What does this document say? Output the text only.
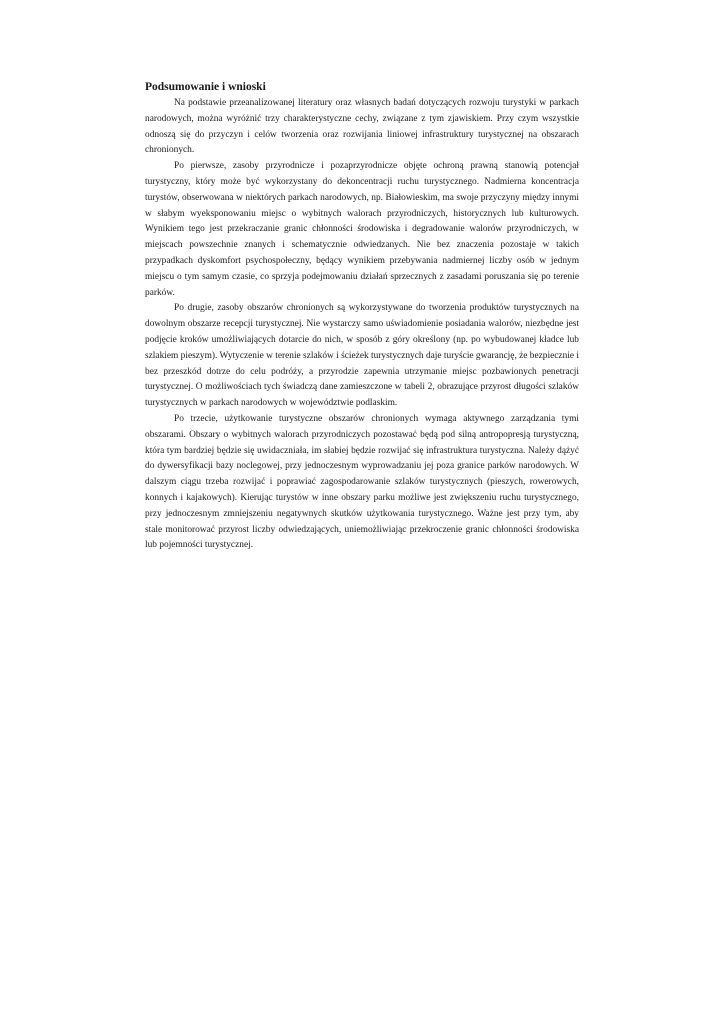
Podsumowanie i wnioski

Na podstawie przeanalizowanej literatury oraz własnych badań dotyczących rozwoju turystyki w parkach narodowych, można wyróżnić trzy charakterystyczne cechy, związane z tym zjawiskiem. Przy czym wszystkie odnoszą się do przyczyn i celów tworzenia oraz rozwijania liniowej infrastruktury turystycznej na obszarach chronionych.

Po pierwsze, zasoby przyrodnicze i pozaprzyrodnicze objęte ochroną prawną stanowią potencjał turystyczny, który może być wykorzystany do dekoncentracji ruchu turystycznego. Nadmierna koncentracja turystów, obserwowana w niektórych parkach narodowych, np. Białowieskim, ma swoje przyczyny między innymi w słabym wyeksponowaniu miejsc o wybitnych walorach przyrodniczych, historycznych lub kulturowych. Wynikiem tego jest przekraczanie granic chłonności środowiska i degradowanie walorów przyrodniczych, w miejscach powszechnie znanych i schematycznie odwiedzanych. Nie bez znaczenia pozostaje w takich przypadkach dyskomfort psychospołeczny, będący wynikiem przebywania nadmiernej liczby osób w jednym miejscu o tym samym czasie, co sprzyja podejmowaniu działań sprzecznych z zasadami poruszania się po terenie parków.

Po drugie, zasoby obszarów chronionych są wykorzystywane do tworzenia produktów turystycznych na dowolnym obszarze recepcji turystycznej. Nie wystarczy samo uświadomienie posiadania walorów, niezbędne jest podjęcie kroków umożliwiających dotarcie do nich, w sposób z góry określony (np. po wybudowanej kładce lub szlakiem pieszym). Wytyczenie w terenie szlaków i ścieżek turystycznych daje turyście gwarancję, że bezpiecznie i bez przeszkód dotrze do celu podróży, a przyrodzie zapewnia utrzymanie miejsc pozbawionych penetracji turystycznej. O możliwościach tych świadczą dane zamieszczone w tabeli 2, obrazujące przyrost długości szlaków turystycznych w parkach narodowych w województwie podlaskim.

Po trzecie, użytkowanie turystyczne obszarów chronionych wymaga aktywnego zarządzania tymi obszarami. Obszary o wybitnych walorach przyrodniczych pozostawać będą pod silną antropopresją turystyczną, która tym bardziej będzie się uwidaczniała, im słabiej będzie rozwijać się infrastruktura turystyczna. Należy dążyć do dywersyfikacji bazy noclegowej, przy jednoczesnym wyprowadzaniu jej poza granice parków narodowych. W dalszym ciągu trzeba rozwijać i poprawiać zagospodarowanie szlaków turystycznych (pieszych, rowerowych, konnych i kajakowych). Kierując turystów w inne obszary parku możliwe jest zwiększeniu ruchu turystycznego, przy jednoczesnym zmniejszeniu negatywnych skutków użytkowania turystycznego. Ważne jest przy tym, aby stale monitorować przyrost liczby odwiedzających, uniemożliwiając przekroczenie granic chłonności środowiska lub pojemności turystycznej.
